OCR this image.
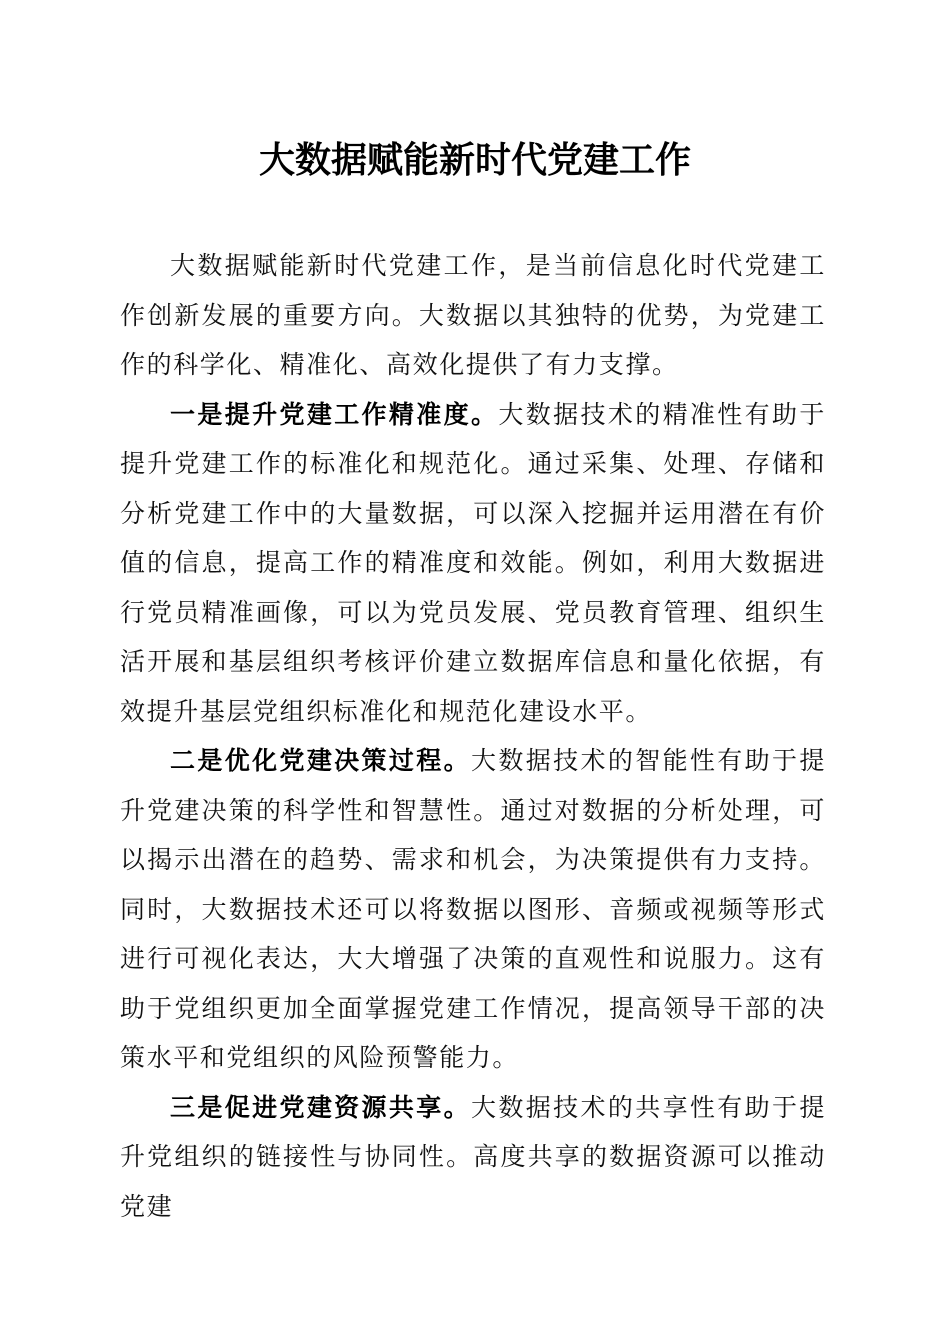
大数据赋能新时代党建工作

大数据赋能新时代党建工作，是当前信息化时代党建工作创新发展的重要方向。大数据以其独特的优势，为党建工作的科学化、精准化、高效化提供了有力支撑。

一是提升党建工作精准度。大数据技术的精准性有助于提升党建工作的标准化和规范化。通过采集、处理、存储和分析党建工作中的大量数据，可以深入挖掘并运用潜在有价值的信息，提高工作的精准度和效能。例如，利用大数据进行党员精准画像，可以为党员发展、党员教育管理、组织生活开展和基层组织考核评价建立数据库信息和量化依据，有效提升基层党组织标准化和规范化建设水平。

二是优化党建决策过程。大数据技术的智能性有助于提升党建决策的科学性和智慧性。通过对数据的分析处理，可以揭示出潜在的趋势、需求和机会，为决策提供有力支持。同时，大数据技术还可以将数据以图形、音频或视频等形式进行可视化表达，大大增强了决策的直观性和说服力。这有助于党组织更加全面掌握党建工作情况，提高领导干部的决策水平和党组织的风险预警能力。

三是促进党建资源共享。大数据技术的共享性有助于提升党组织的链接性与协同性。高度共享的数据资源可以推动党建
